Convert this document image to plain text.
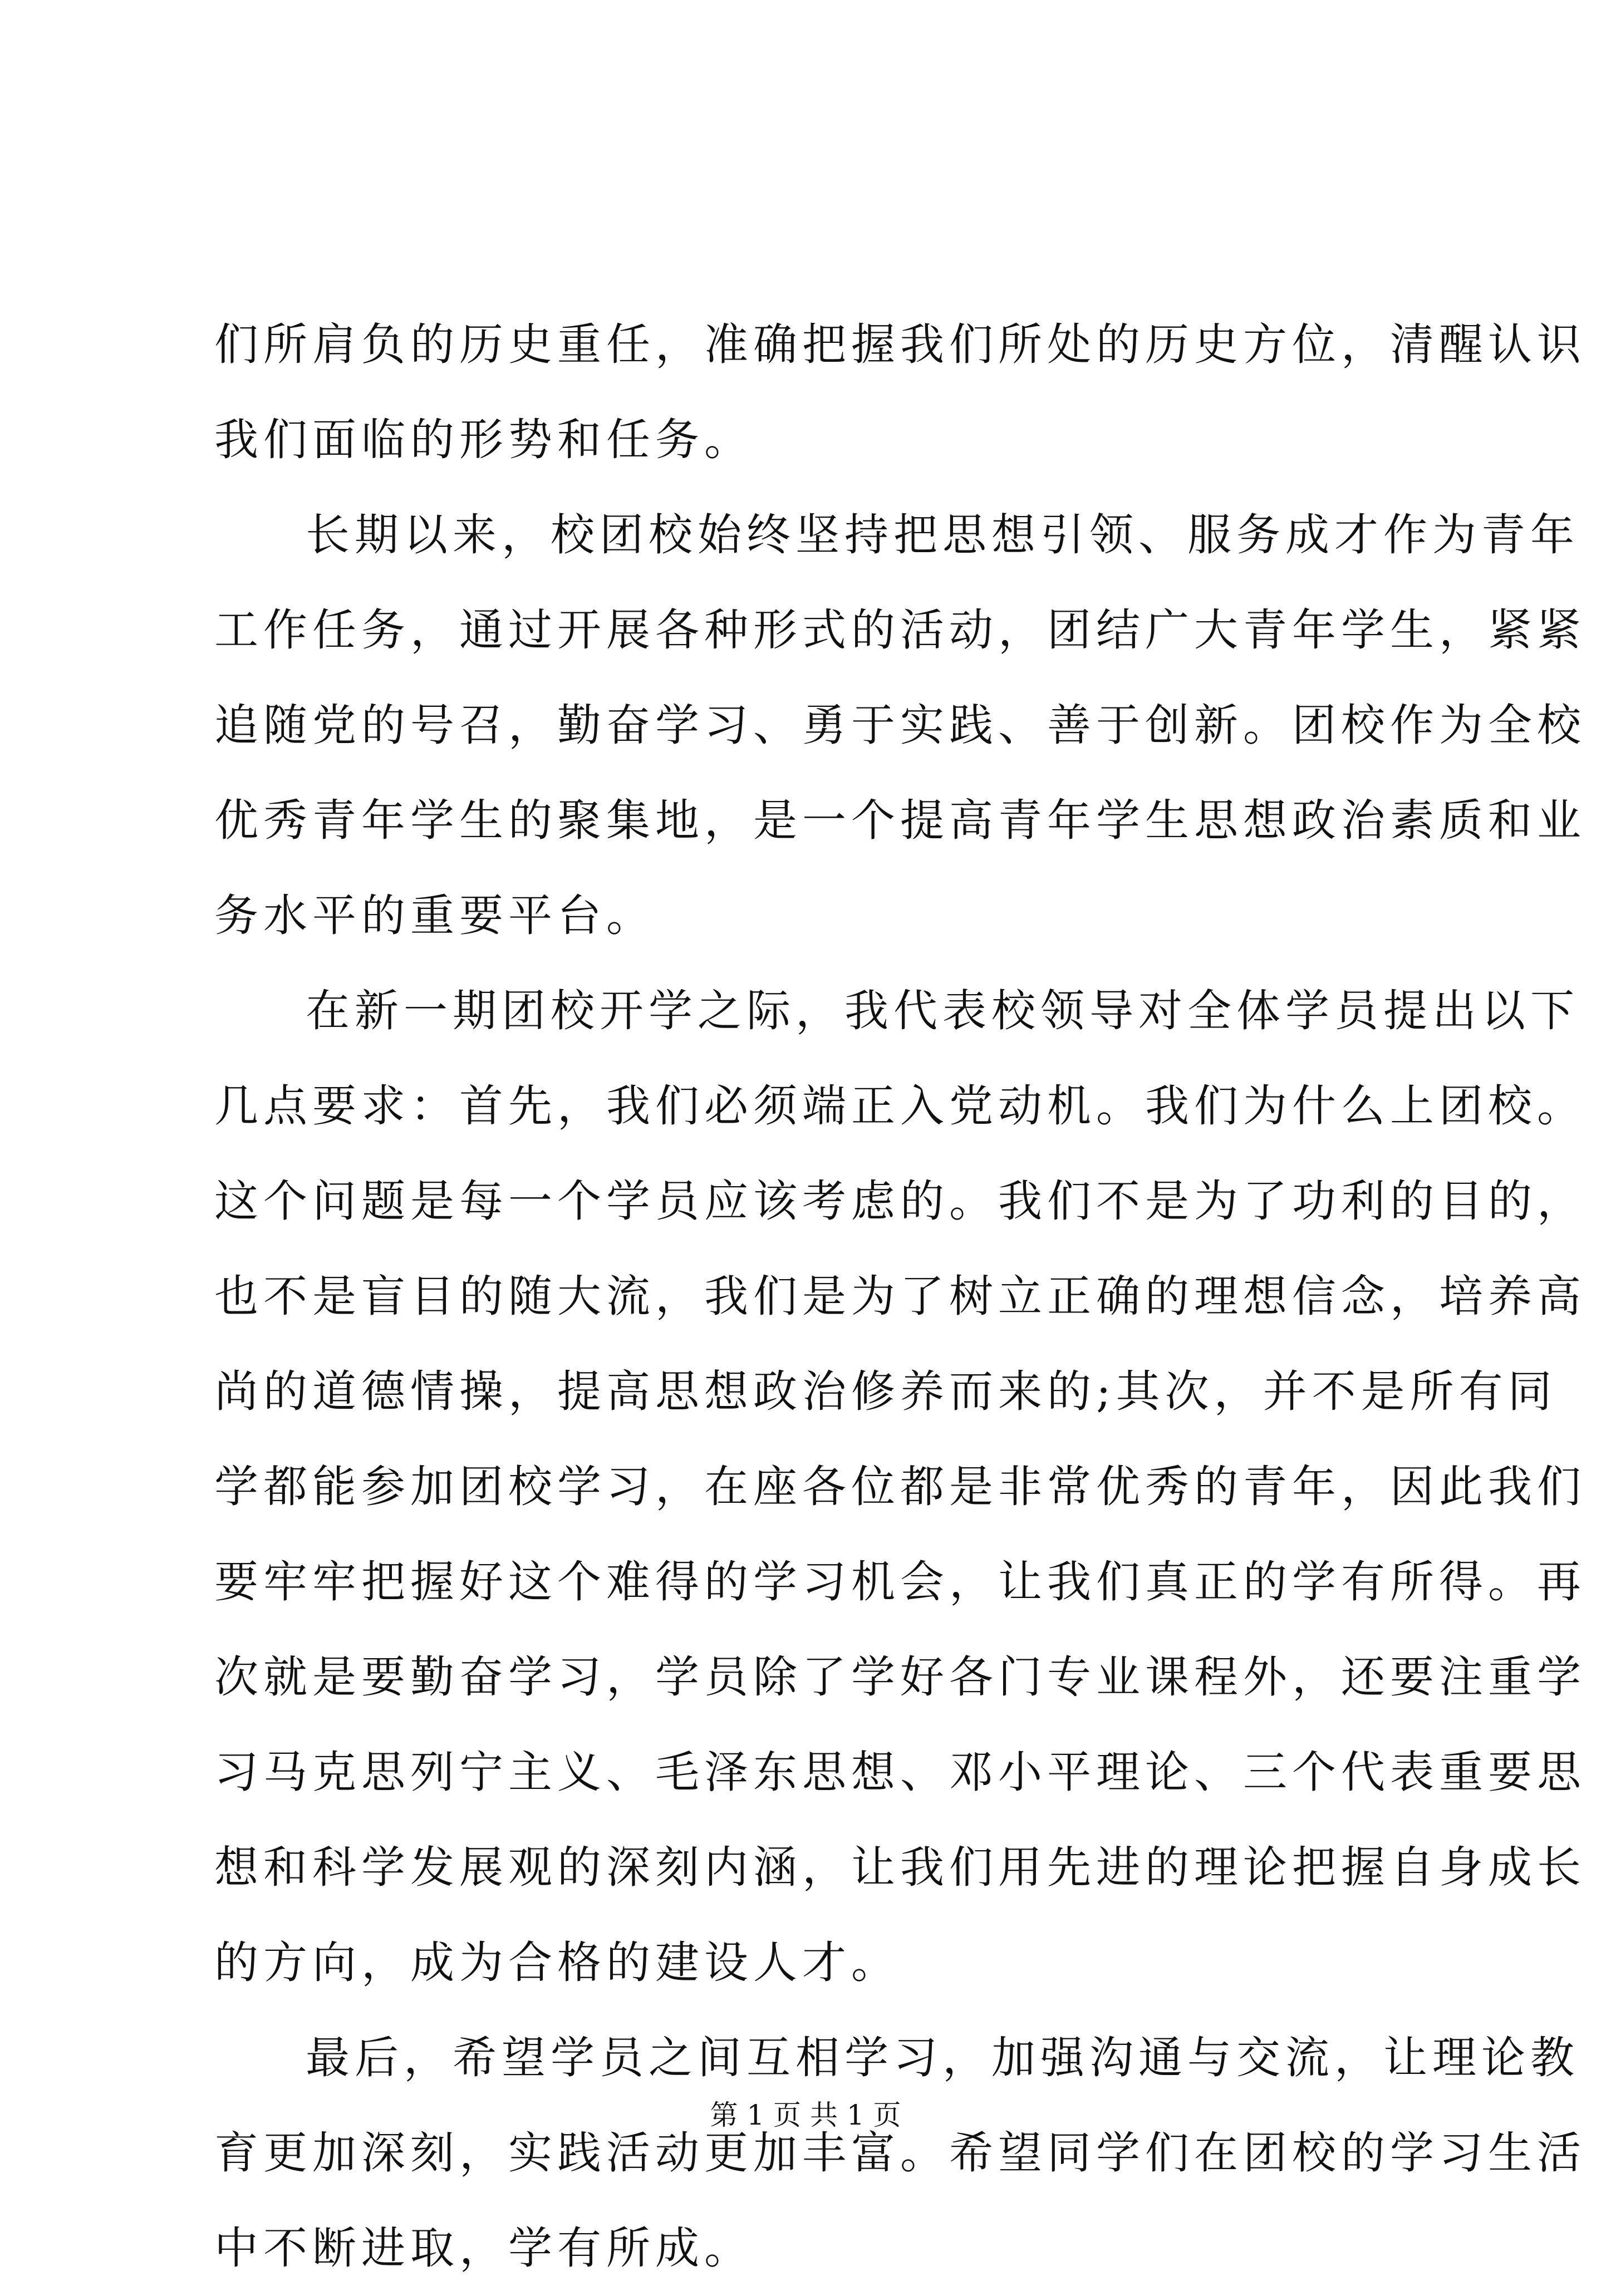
们所肩负的历史重任，准确把握我们所处的历史方位，清醒认识
我们面临的形势和任务。
长期以来，校团校始终坚持把思想引领、服务成才作为青年
工作任务，通过开展各种形式的活动，团结广大青年学生，紧紧
追随党的号召，勤奋学习、勇于实践、善于创新。团校作为全校
优秀青年学生的聚集地，是一个提高青年学生思想政治素质和业
务水平的重要平台。
在新一期团校开学之际，我代表校领导对全体学员提出以下
几点要求：首先，我们必须端正入党动机。我们为什么上团校。
这个问题是每一个学员应该考虑的。我们不是为了功利的目的，
也不是盲目的随大流，我们是为了树立正确的理想信念，培养高
尚的道德情操，提高思想政治修养而来的;其次，并不是所有同
学都能参加团校学习，在座各位都是非常优秀的青年，因此我们
要牢牢把握好这个难得的学习机会，让我们真正的学有所得。再
次就是要勤奋学习，学员除了学好各门专业课程外，还要注重学
习马克思列宁主义、毛泽东思想、邓小平理论、三个代表重要思
想和科学发展观的深刻内涵，让我们用先进的理论把握自身成长
的方向，成为合格的建设人才。
最后，希望学员之间互相学习，加强沟通与交流，让理论教
育更加深刻，实践活动更加丰富。希望同学们在团校的学习生活
中不断进取，学有所成。
第 1 页 共 1 页
